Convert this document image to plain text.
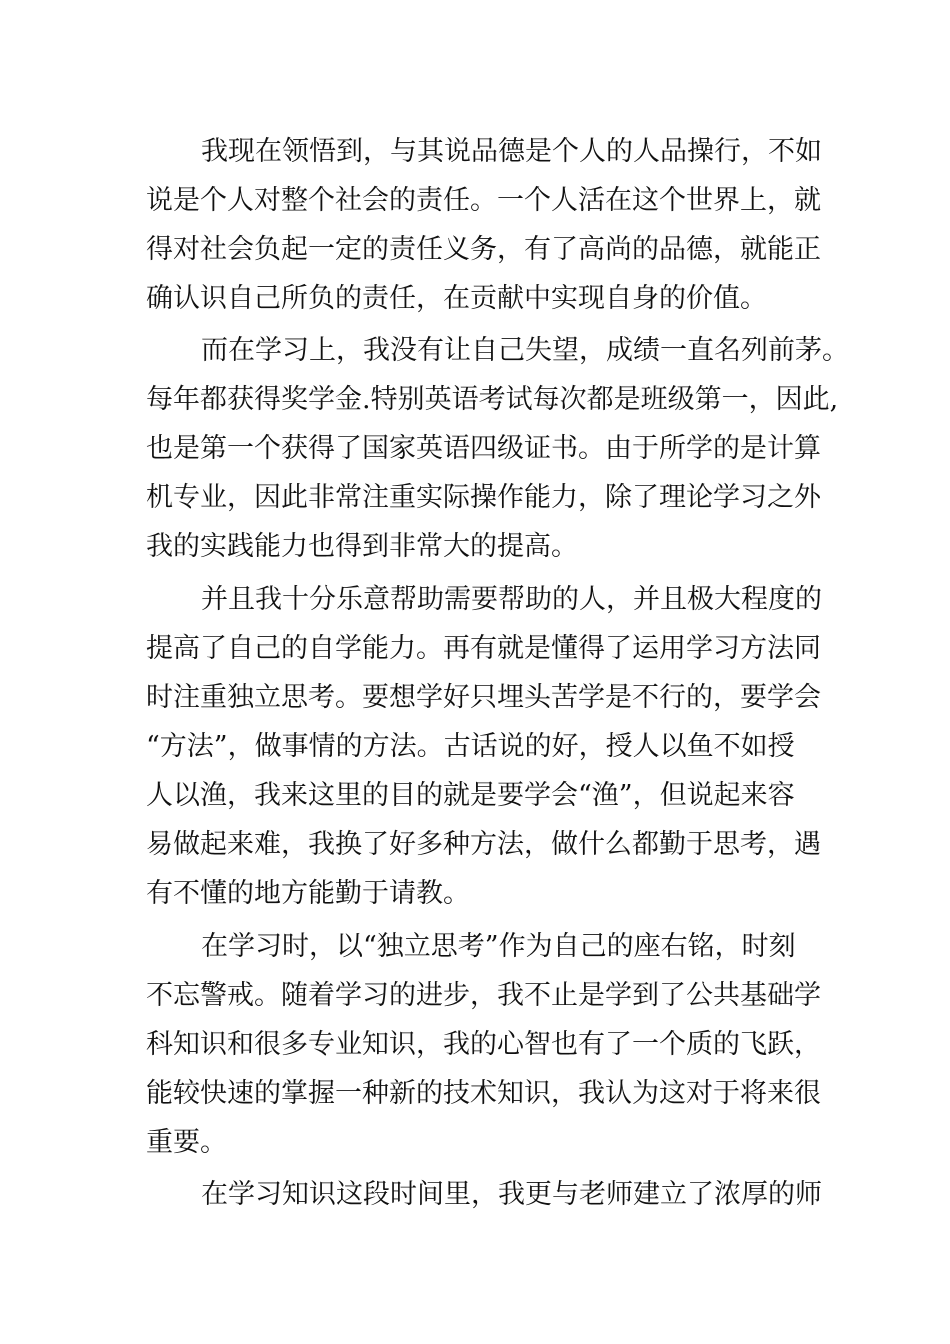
我现在领悟到，与其说品德是个人的人品操行，不如

说是个人对整个社会的责任。一个人活在这个世界上，就

得对社会负起一定的责任义务，有了高尚的品德，就能正

确认识自己所负的责任，在贡献中实现自身的价值。

而在学习上，我没有让自己失望，成绩一直名列前茅。

每年都获得奖学金.特别英语考试每次都是班级第一，因此,

也是第一个获得了国家英语四级证书。由于所学的是计算

机专业，因此非常注重实际操作能力，除了理论学习之外

我的实践能力也得到非常大的提高。

并且我十分乐意帮助需要帮助的人，并且极大程度的

提高了自己的自学能力。再有就是懂得了运用学习方法同

时注重独立思考。要想学好只埋头苦学是不行的，要学会

“方法”，做事情的方法。古话说的好，授人以鱼不如授

人以渔，我来这里的目的就是要学会“渔”，但说起来容

易做起来难，我换了好多种方法，做什么都勤于思考，遇

有不懂的地方能勤于请教。

在学习时，以“独立思考”作为自己的座右铭，时刻

不忘警戒。随着学习的进步，我不止是学到了公共基础学

科知识和很多专业知识，我的心智也有了一个质的飞跃，

能较快速的掌握一种新的技术知识，我认为这对于将来很

重要。

在学习知识这段时间里，我更与老师建立了浓厚的师
